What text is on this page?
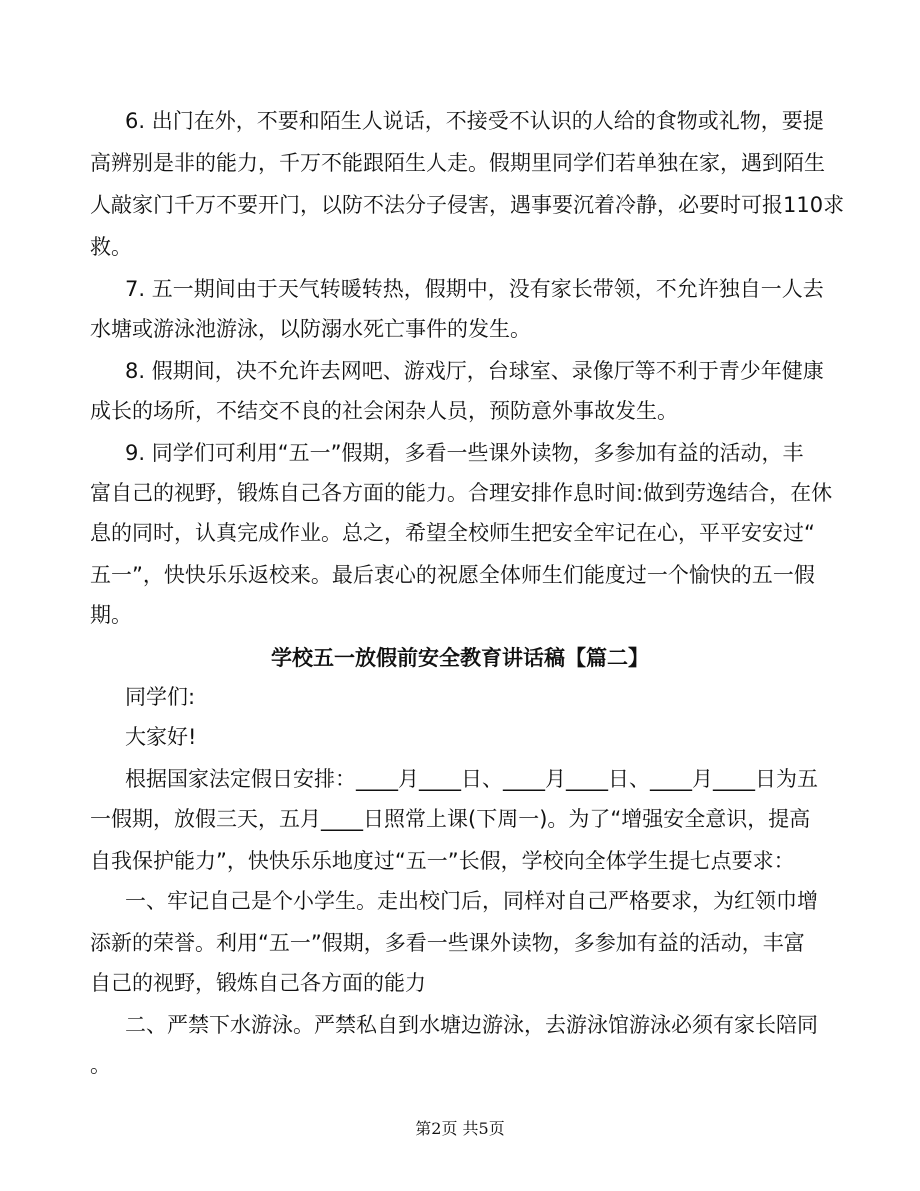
6. 出门在外，不要和陌生人说话，不接受不认识的人给的食物或礼物，要提
高辨别是非的能力，千万不能跟陌生人走。假期里同学们若单独在家，遇到陌生
人敲家门千万不要开门，以防不法分子侵害，遇事要沉着冷静，必要时可报110求
救。
7. 五一期间由于天气转暖转热，假期中，没有家长带领，不允许独自一人去
水塘或游泳池游泳，以防溺水死亡事件的发生。
8. 假期间，决不允许去网吧、游戏厅，台球室、录像厅等不利于青少年健康
成长的场所，不结交不良的社会闲杂人员，预防意外事故发生。
9. 同学们可利用“五一”假期，多看一些课外读物，多参加有益的活动，丰
富自己的视野，锻炼自己各方面的能力。合理安排作息时间:做到劳逸结合，在休
息的同时，认真完成作业。总之，希望全校师生把安全牢记在心，平平安安过“
五一”，快快乐乐返校来。最后衷心的祝愿全体师生们能度过一个愉快的五一假
期。
学校五一放假前安全教育讲话稿【篇二】
同学们:
大家好!
根据国家法定假日安排：____月____日、____月____日、____月____日为五
一假期，放假三天，五月____日照常上课(下周一)。为了“增强安全意识，提高
自我保护能力”，快快乐乐地度过“五一”长假，学校向全体学生提七点要求：
一、牢记自己是个小学生。走出校门后，同样对自己严格要求，为红领巾增
添新的荣誉。利用“五一”假期，多看一些课外读物，多参加有益的活动，丰富
自己的视野，锻炼自己各方面的能力
二、严禁下水游泳。严禁私自到水塘边游泳，去游泳馆游泳必须有家长陪同
。
第2页 共5页
